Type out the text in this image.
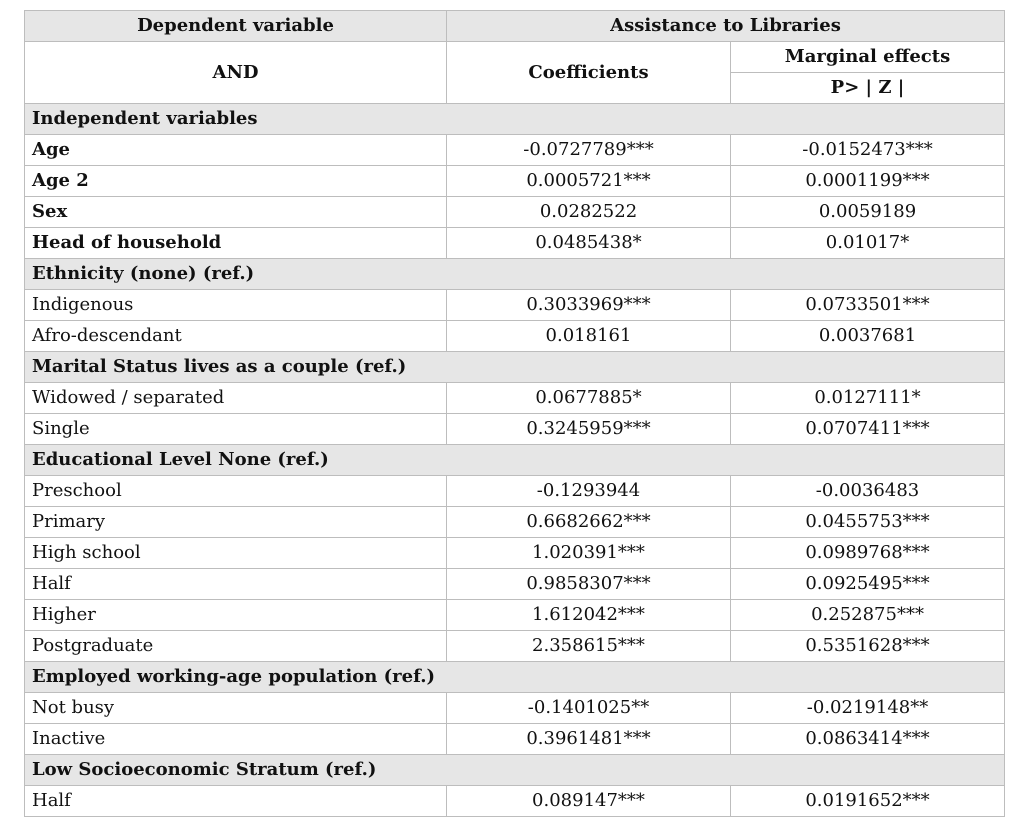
Dependent variable	Assistance to Libraries	
AND	Coefficients	Marginal effects
		P> | Z |
Independent variables		
Age	-0.0727789***	-0.0152473***
Age 2	0.0005721***	0.0001199***
Sex	0.0282522	0.0059189
Head of household	0.0485438*	0.01017*
Ethnicity (none) (ref.)		
Indigenous	0.3033969***	0.0733501***
Afro-descendant	0.018161	0.0037681
Marital Status lives as a couple (ref.)		
Widowed / separated	0.0677885*	0.0127111*
Single	0.3245959***	0.0707411***
Educational Level None (ref.)		
Preschool	-0.1293944	-0.0036483
Primary	0.6682662***	0.0455753***
High school	1.020391***	0.0989768***
Half	0.9858307***	0.0925495***
Higher	1.612042***	0.252875***
Postgraduate	2.358615***	0.5351628***
Employed working-age population (ref.)		
Not busy	-0.1401025**	-0.0219148**
Inactive	0.3961481***	0.0863414***
Low Socioeconomic Stratum (ref.)		
Half	0.089147***	0.0191652***
